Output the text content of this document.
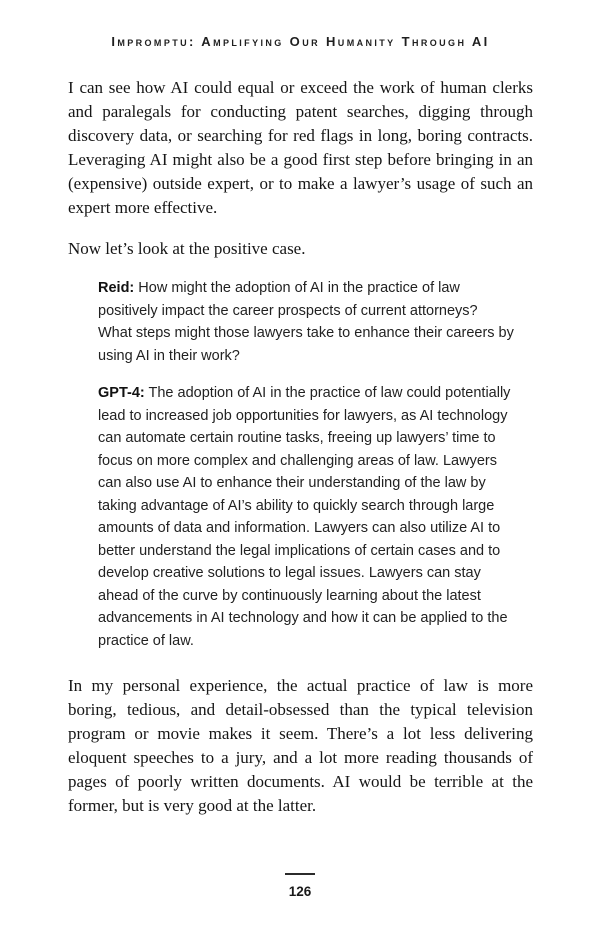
Impromptu: Amplifying Our Humanity Through AI

I can see how AI could equal or exceed the work of human clerks and paralegals for conducting patent searches, digging through discovery data, or searching for red flags in long, boring contracts. Leveraging AI might also be a good first step before bringing in an (expensive) outside expert, or to make a lawyer’s usage of such an expert more effective.

Now let’s look at the positive case.

Reid: How might the adoption of AI in the practice of law positively impact the career prospects of current attorneys? What steps might those lawyers take to enhance their careers by using AI in their work?
GPT-4: The adoption of AI in the practice of law could potentially lead to increased job opportunities for lawyers, as AI technology can automate certain routine tasks, freeing up lawyers’ time to focus on more complex and challenging areas of law. Lawyers can also use AI to enhance their understanding of the law by taking advantage of AI’s ability to quickly search through large amounts of data and information. Lawyers can also utilize AI to better understand the legal implications of certain cases and to develop creative solutions to legal issues. Lawyers can stay ahead of the curve by continuously learning about the latest advancements in AI technology and how it can be applied to the practice of law.

In my personal experience, the actual practice of law is more boring, tedious, and detail-obsessed than the typical television program or movie makes it seem. There’s a lot less delivering eloquent speeches to a jury, and a lot more reading thousands of pages of poorly written documents. AI would be terrible at the former, but is very good at the latter.

126
